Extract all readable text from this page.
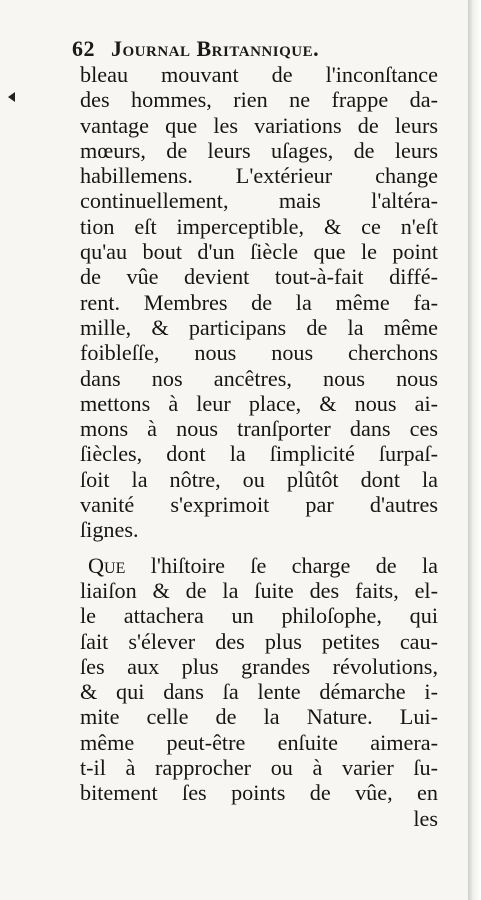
62 Journal Britannique.
bleau mouvant de l'inconſtance
des hommes, rien ne frappe da-
vantage que les variations de leurs
mœurs, de leurs uſages, de leurs
habillemens. L'extérieur change
continuellement, mais l'altéra-
tion eſt imperceptible, & ce n'eſt
qu'au bout d'un ſiècle que le point
de vûe devient tout-à-fait diffé-
rent. Membres de la même fa-
mille, & participans de la même
foibleſſe, nous nous cherchons
dans nos ancêtres, nous nous
mettons à leur place, & nous ai-
mons à nous tranſporter dans ces
ſiècles, dont la ſimplicité ſurpaſ-
ſoit la nôtre, ou plûtôt dont la
vanité s'exprimoit par d'autres
ſignes.
Que l'hiſtoire ſe charge de la
liaiſon & de la ſuite des faits, el-
le attachera un philoſophe, qui
ſait s'élever des plus petites cau-
ſes aux plus grandes révolutions,
& qui dans ſa lente démarche i-
mite celle de la Nature. Lui-
même peut-être enſuite aimera-
t-il à rapprocher ou à varier ſu-
bitement ſes points de vûe, en
les
